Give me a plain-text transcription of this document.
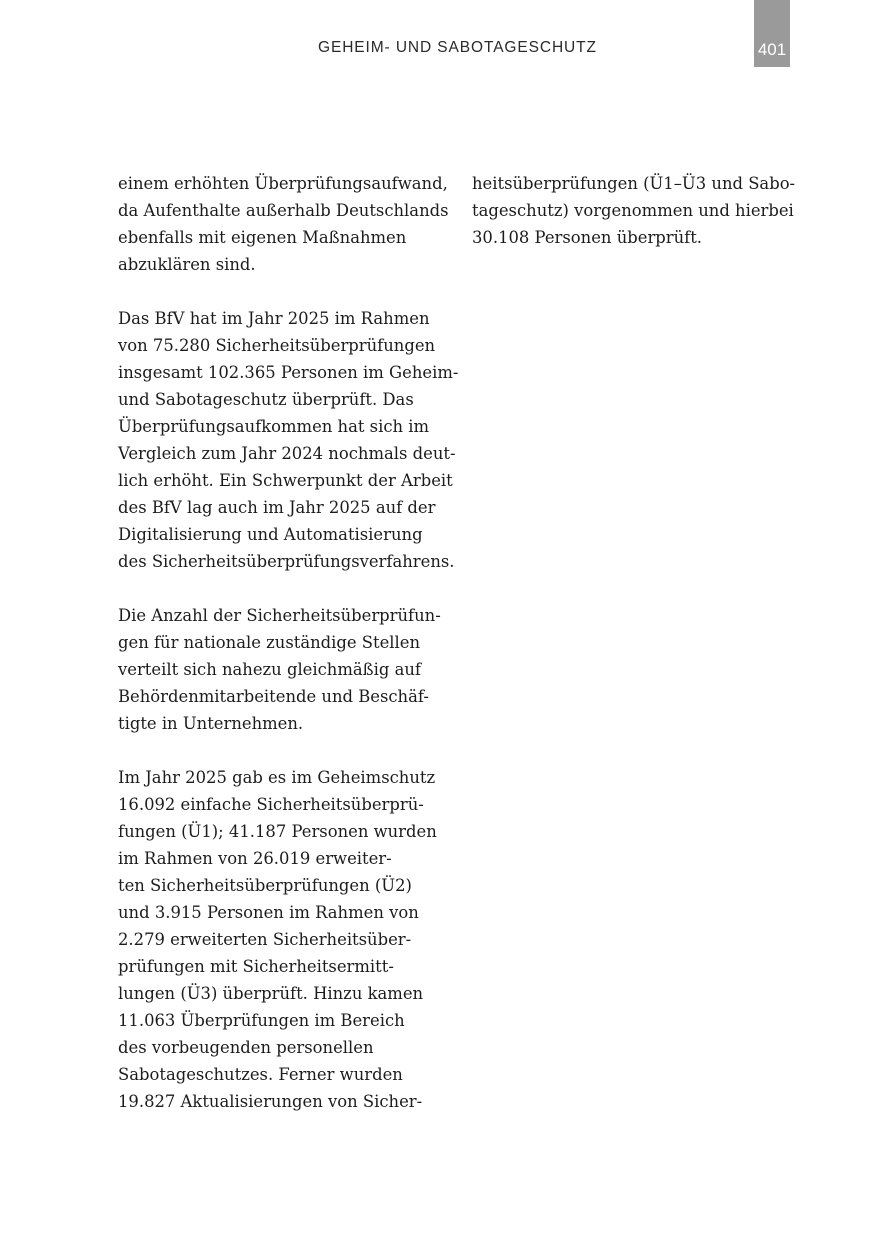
GEHEIM- UND SABOTAGESCHUTZ	401
einem erhöhten Überprüfungsaufwand,
da Aufenthalte außerhalb Deutschlands
ebenfalls mit eigenen Maßnahmen
abzuklären sind.
Das BfV hat im Jahr 2025 im Rahmen
von 75.280 Sicherheitsüberprüfungen
insgesamt 102.365 Personen im Geheim-
und Sabotageschutz überprüft. Das
Überprüfungsaufkommen hat sich im
Vergleich zum Jahr 2024 nochmals deut-
lich erhöht. Ein Schwerpunkt der Arbeit
des BfV lag auch im Jahr 2025 auf der
Digitalisierung und Automatisierung
des Sicherheitsüberprüfungsverfahrens.
Die Anzahl der Sicherheitsüberprüfun-
gen für nationale zuständige Stellen
verteilt sich nahezu gleichmäßig auf
Behördenmitarbeitende und Beschäf-
tigte in Unternehmen.
Im Jahr 2025 gab es im Geheimschutz
16.092 einfache Sicherheitsüberprü-
fungen (Ü1); 41.187 Personen wurden
im Rahmen von 26.019 erweiter-
ten Sicherheitsüberprüfungen (Ü2)
und 3.915 Personen im Rahmen von
2.279 erweiterten Sicherheitsüber-
prüfungen mit Sicherheitsermitt-
lungen (Ü3) überprüft. Hinzu kamen
11.063 Überprüfungen im Bereich
des vorbeugenden personellen
Sabotageschutzes. Ferner wurden
19.827 Aktualisierungen von Sicher-
heitsüberprüfungen (Ü1–Ü3 und Sabo-
tageschutz) vorgenommen und hierbei
30.108 Personen überprüft.
